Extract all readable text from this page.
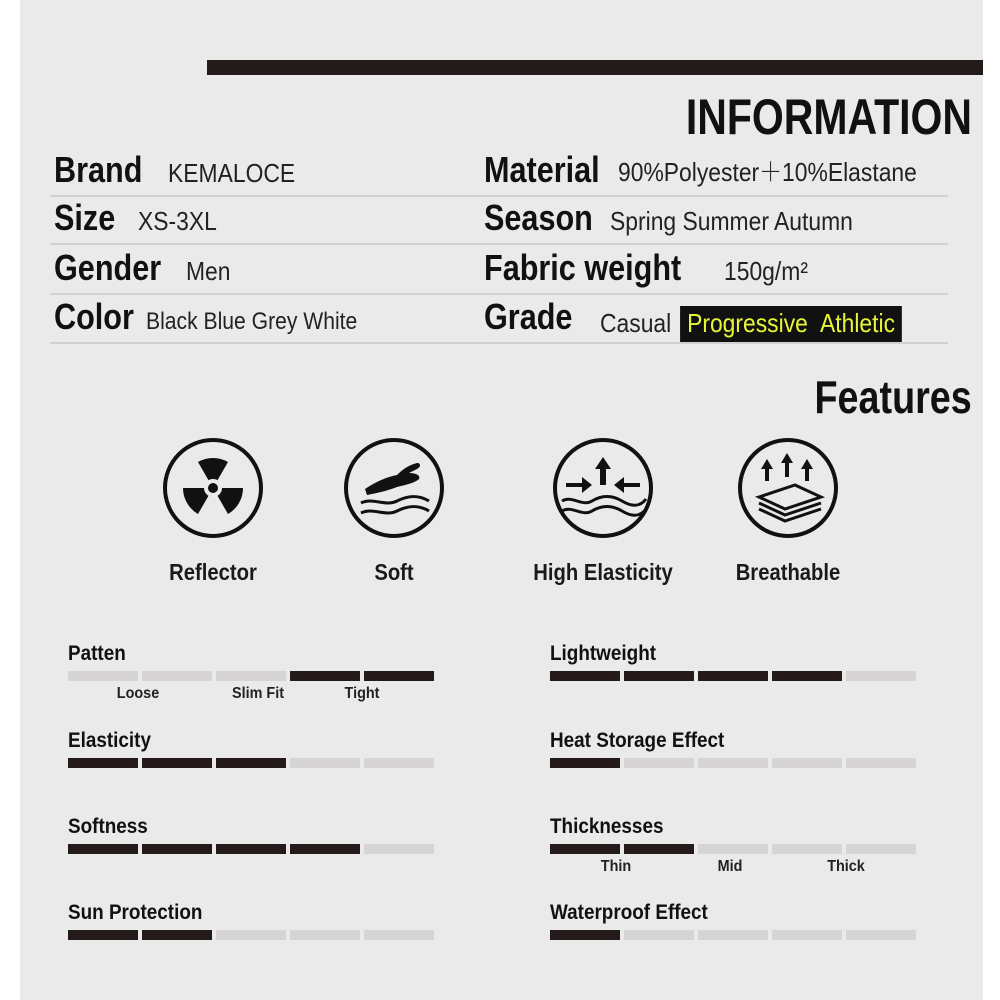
INFORMATION
Brand KEMALOCE
Size XS-3XL
Gender Men
Color Black Blue Grey White
Material 90%Polyester＋10%Elastane
Season Spring Summer Autumn
Fabric weight 150g/m²
Grade Casual Progressive Athletic
Features
Reflector	Soft	High Elasticity	Breathable
Patten
Loose	Slim Fit	Tight
Elasticity
Softness
Sun Protection
Lightweight
Heat Storage Effect
Thicknesses
Thin	Mid	Thick
Waterproof Effect
